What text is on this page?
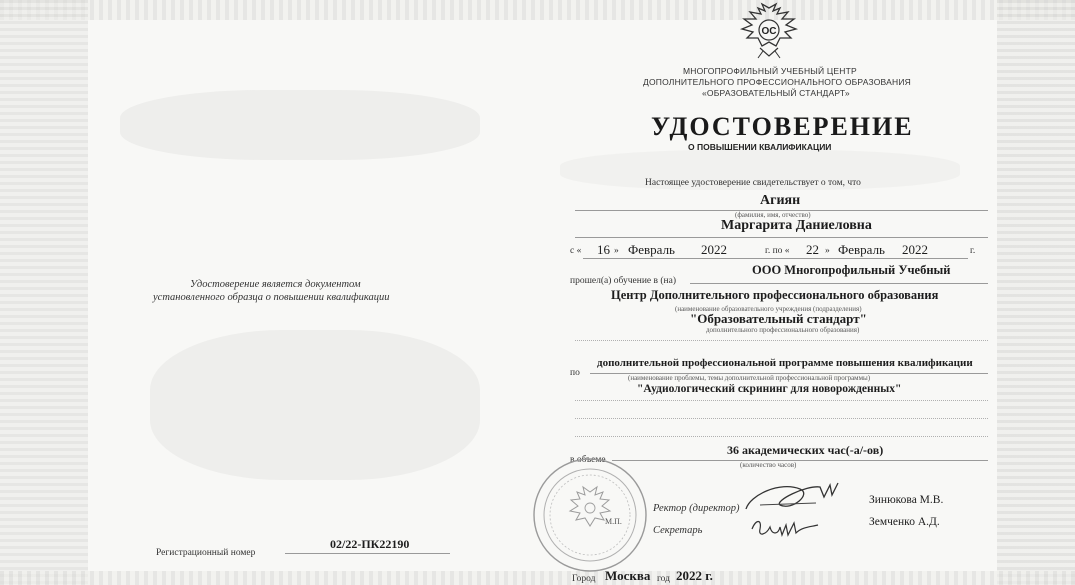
ОС
МНОГОПРОФИЛЬНЫЙ УЧЕБНЫЙ ЦЕНТР
ДОПОЛНИТЕЛЬНОГО ПРОФЕССИОНАЛЬНОГО ОБРАЗОВАНИЯ
«ОБРАЗОВАТЕЛЬНЫЙ СТАНДАРТ»
УДОСТОВЕРЕНИЕ
О ПОВЫШЕНИИ КВАЛИФИКАЦИИ
Настоящее удостоверение свидетельствует о том, что
Агиян
(фамилия, имя, отчество)
Маргарита Даниеловна
с « 16 » Февраль 2022	г. по « 22 » Февраль 2022	г.
прошел(а) обучение в (на)
ООО Многопрофильный Учебный
Центр Дополнительного профессионального образования
(наименование образовательного учреждения (подразделения)
"Образовательный стандарт"
дополнительного профессионального образования)
по
дополнительной профессиональной программе повышения квалификации
(наименование проблемы, темы дополнительной профессиональной программы)
"Аудиологический скрининг для новорожденных"
в объеме
36 академических час(-а/-ов)
(количество часов)
Удостоверение является документом
установленного образца о повышении квалификации
Регистрационный номер
02/22-ПК22190
М.П.
Ректор (директор)
Зинюкова М.В.
Секретарь
Земченко А.Д.
Город Москва год 2022 г.
